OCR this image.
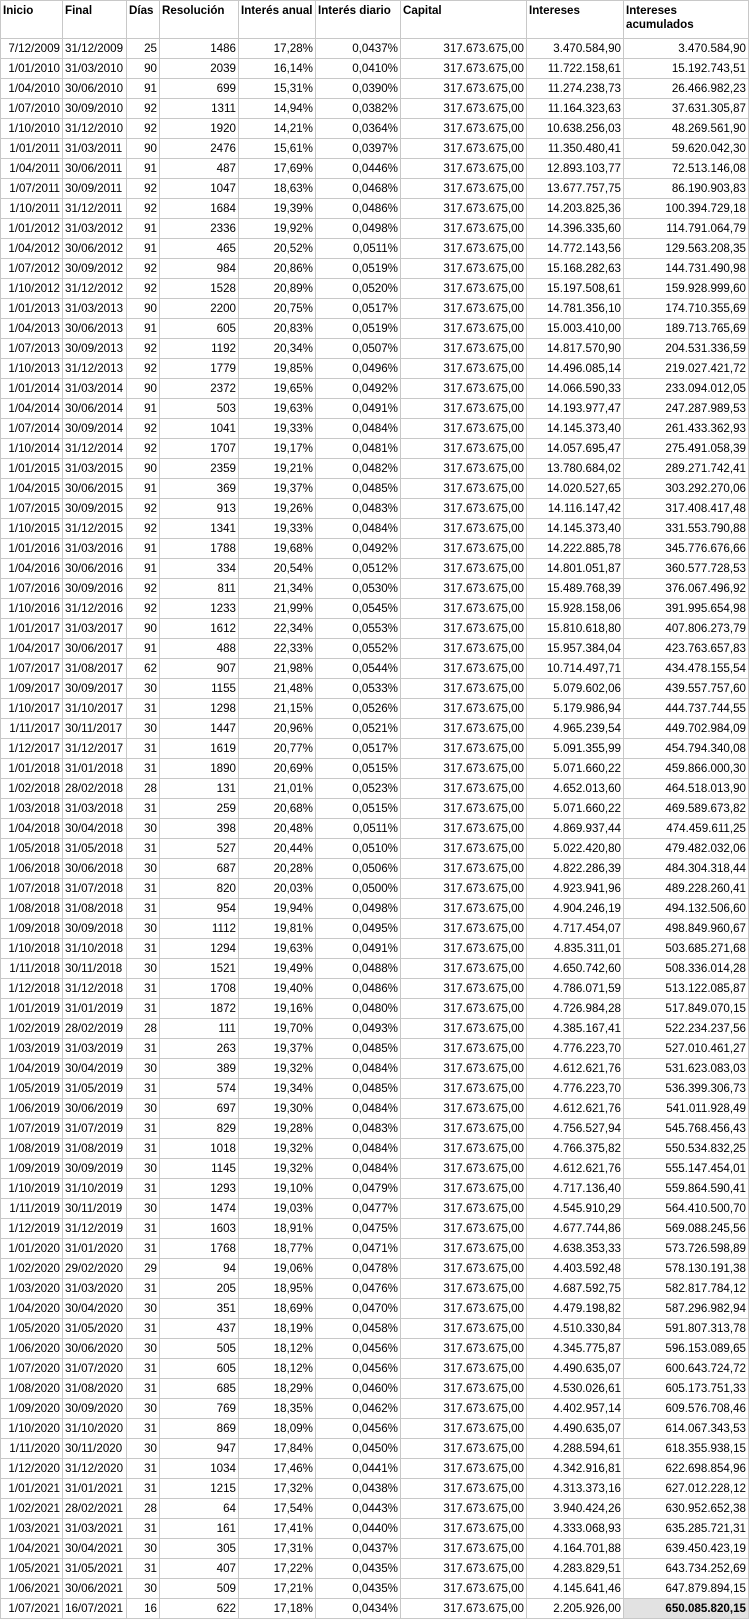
Inicio	Final	Días	Resolución	Interés anual	Interés diario	Capital	Intereses	Intereses acumulados
7/12/2009	31/12/2009	25	1486	17,28%	0,0437%	317.673.675,00	3.470.584,90	3.470.584,90
1/01/2010	31/03/2010	90	2039	16,14%	0,0410%	317.673.675,00	11.722.158,61	15.192.743,51
1/04/2010	30/06/2010	91	699	15,31%	0,0390%	317.673.675,00	11.274.238,73	26.466.982,23
1/07/2010	30/09/2010	92	1311	14,94%	0,0382%	317.673.675,00	11.164.323,63	37.631.305,87
1/10/2010	31/12/2010	92	1920	14,21%	0,0364%	317.673.675,00	10.638.256,03	48.269.561,90
1/01/2011	31/03/2011	90	2476	15,61%	0,0397%	317.673.675,00	11.350.480,41	59.620.042,30
1/04/2011	30/06/2011	91	487	17,69%	0,0446%	317.673.675,00	12.893.103,77	72.513.146,08
1/07/2011	30/09/2011	92	1047	18,63%	0,0468%	317.673.675,00	13.677.757,75	86.190.903,83
1/10/2011	31/12/2011	92	1684	19,39%	0,0486%	317.673.675,00	14.203.825,36	100.394.729,18
1/01/2012	31/03/2012	91	2336	19,92%	0,0498%	317.673.675,00	14.396.335,60	114.791.064,79
1/04/2012	30/06/2012	91	465	20,52%	0,0511%	317.673.675,00	14.772.143,56	129.563.208,35
1/07/2012	30/09/2012	92	984	20,86%	0,0519%	317.673.675,00	15.168.282,63	144.731.490,98
1/10/2012	31/12/2012	92	1528	20,89%	0,0520%	317.673.675,00	15.197.508,61	159.928.999,60
1/01/2013	31/03/2013	90	2200	20,75%	0,0517%	317.673.675,00	14.781.356,10	174.710.355,69
1/04/2013	30/06/2013	91	605	20,83%	0,0519%	317.673.675,00	15.003.410,00	189.713.765,69
1/07/2013	30/09/2013	92	1192	20,34%	0,0507%	317.673.675,00	14.817.570,90	204.531.336,59
1/10/2013	31/12/2013	92	1779	19,85%	0,0496%	317.673.675,00	14.496.085,14	219.027.421,72
1/01/2014	31/03/2014	90	2372	19,65%	0,0492%	317.673.675,00	14.066.590,33	233.094.012,05
1/04/2014	30/06/2014	91	503	19,63%	0,0491%	317.673.675,00	14.193.977,47	247.287.989,53
1/07/2014	30/09/2014	92	1041	19,33%	0,0484%	317.673.675,00	14.145.373,40	261.433.362,93
1/10/2014	31/12/2014	92	1707	19,17%	0,0481%	317.673.675,00	14.057.695,47	275.491.058,39
1/01/2015	31/03/2015	90	2359	19,21%	0,0482%	317.673.675,00	13.780.684,02	289.271.742,41
1/04/2015	30/06/2015	91	369	19,37%	0,0485%	317.673.675,00	14.020.527,65	303.292.270,06
1/07/2015	30/09/2015	92	913	19,26%	0,0483%	317.673.675,00	14.116.147,42	317.408.417,48
1/10/2015	31/12/2015	92	1341	19,33%	0,0484%	317.673.675,00	14.145.373,40	331.553.790,88
1/01/2016	31/03/2016	91	1788	19,68%	0,0492%	317.673.675,00	14.222.885,78	345.776.676,66
1/04/2016	30/06/2016	91	334	20,54%	0,0512%	317.673.675,00	14.801.051,87	360.577.728,53
1/07/2016	30/09/2016	92	811	21,34%	0,0530%	317.673.675,00	15.489.768,39	376.067.496,92
1/10/2016	31/12/2016	92	1233	21,99%	0,0545%	317.673.675,00	15.928.158,06	391.995.654,98
1/01/2017	31/03/2017	90	1612	22,34%	0,0553%	317.673.675,00	15.810.618,80	407.806.273,79
1/04/2017	30/06/2017	91	488	22,33%	0,0552%	317.673.675,00	15.957.384,04	423.763.657,83
1/07/2017	31/08/2017	62	907	21,98%	0,0544%	317.673.675,00	10.714.497,71	434.478.155,54
1/09/2017	30/09/2017	30	1155	21,48%	0,0533%	317.673.675,00	5.079.602,06	439.557.757,60
1/10/2017	31/10/2017	31	1298	21,15%	0,0526%	317.673.675,00	5.179.986,94	444.737.744,55
1/11/2017	30/11/2017	30	1447	20,96%	0,0521%	317.673.675,00	4.965.239,54	449.702.984,09
1/12/2017	31/12/2017	31	1619	20,77%	0,0517%	317.673.675,00	5.091.355,99	454.794.340,08
1/01/2018	31/01/2018	31	1890	20,69%	0,0515%	317.673.675,00	5.071.660,22	459.866.000,30
1/02/2018	28/02/2018	28	131	21,01%	0,0523%	317.673.675,00	4.652.013,60	464.518.013,90
1/03/2018	31/03/2018	31	259	20,68%	0,0515%	317.673.675,00	5.071.660,22	469.589.673,82
1/04/2018	30/04/2018	30	398	20,48%	0,0511%	317.673.675,00	4.869.937,44	474.459.611,25
1/05/2018	31/05/2018	31	527	20,44%	0,0510%	317.673.675,00	5.022.420,80	479.482.032,06
1/06/2018	30/06/2018	30	687	20,28%	0,0506%	317.673.675,00	4.822.286,39	484.304.318,44
1/07/2018	31/07/2018	31	820	20,03%	0,0500%	317.673.675,00	4.923.941,96	489.228.260,41
1/08/2018	31/08/2018	31	954	19,94%	0,0498%	317.673.675,00	4.904.246,19	494.132.506,60
1/09/2018	30/09/2018	30	1112	19,81%	0,0495%	317.673.675,00	4.717.454,07	498.849.960,67
1/10/2018	31/10/2018	31	1294	19,63%	0,0491%	317.673.675,00	4.835.311,01	503.685.271,68
1/11/2018	30/11/2018	30	1521	19,49%	0,0488%	317.673.675,00	4.650.742,60	508.336.014,28
1/12/2018	31/12/2018	31	1708	19,40%	0,0486%	317.673.675,00	4.786.071,59	513.122.085,87
1/01/2019	31/01/2019	31	1872	19,16%	0,0480%	317.673.675,00	4.726.984,28	517.849.070,15
1/02/2019	28/02/2019	28	111	19,70%	0,0493%	317.673.675,00	4.385.167,41	522.234.237,56
1/03/2019	31/03/2019	31	263	19,37%	0,0485%	317.673.675,00	4.776.223,70	527.010.461,27
1/04/2019	30/04/2019	30	389	19,32%	0,0484%	317.673.675,00	4.612.621,76	531.623.083,03
1/05/2019	31/05/2019	31	574	19,34%	0,0485%	317.673.675,00	4.776.223,70	536.399.306,73
1/06/2019	30/06/2019	30	697	19,30%	0,0484%	317.673.675,00	4.612.621,76	541.011.928,49
1/07/2019	31/07/2019	31	829	19,28%	0,0483%	317.673.675,00	4.756.527,94	545.768.456,43
1/08/2019	31/08/2019	31	1018	19,32%	0,0484%	317.673.675,00	4.766.375,82	550.534.832,25
1/09/2019	30/09/2019	30	1145	19,32%	0,0484%	317.673.675,00	4.612.621,76	555.147.454,01
1/10/2019	31/10/2019	31	1293	19,10%	0,0479%	317.673.675,00	4.717.136,40	559.864.590,41
1/11/2019	30/11/2019	30	1474	19,03%	0,0477%	317.673.675,00	4.545.910,29	564.410.500,70
1/12/2019	31/12/2019	31	1603	18,91%	0,0475%	317.673.675,00	4.677.744,86	569.088.245,56
1/01/2020	31/01/2020	31	1768	18,77%	0,0471%	317.673.675,00	4.638.353,33	573.726.598,89
1/02/2020	29/02/2020	29	94	19,06%	0,0478%	317.673.675,00	4.403.592,48	578.130.191,38
1/03/2020	31/03/2020	31	205	18,95%	0,0476%	317.673.675,00	4.687.592,75	582.817.784,12
1/04/2020	30/04/2020	30	351	18,69%	0,0470%	317.673.675,00	4.479.198,82	587.296.982,94
1/05/2020	31/05/2020	31	437	18,19%	0,0458%	317.673.675,00	4.510.330,84	591.807.313,78
1/06/2020	30/06/2020	30	505	18,12%	0,0456%	317.673.675,00	4.345.775,87	596.153.089,65
1/07/2020	31/07/2020	31	605	18,12%	0,0456%	317.673.675,00	4.490.635,07	600.643.724,72
1/08/2020	31/08/2020	31	685	18,29%	0,0460%	317.673.675,00	4.530.026,61	605.173.751,33
1/09/2020	30/09/2020	30	769	18,35%	0,0462%	317.673.675,00	4.402.957,14	609.576.708,46
1/10/2020	31/10/2020	31	869	18,09%	0,0456%	317.673.675,00	4.490.635,07	614.067.343,53
1/11/2020	30/11/2020	30	947	17,84%	0,0450%	317.673.675,00	4.288.594,61	618.355.938,15
1/12/2020	31/12/2020	31	1034	17,46%	0,0441%	317.673.675,00	4.342.916,81	622.698.854,96
1/01/2021	31/01/2021	31	1215	17,32%	0,0438%	317.673.675,00	4.313.373,16	627.012.228,12
1/02/2021	28/02/2021	28	64	17,54%	0,0443%	317.673.675,00	3.940.424,26	630.952.652,38
1/03/2021	31/03/2021	31	161	17,41%	0,0440%	317.673.675,00	4.333.068,93	635.285.721,31
1/04/2021	30/04/2021	30	305	17,31%	0,0437%	317.673.675,00	4.164.701,88	639.450.423,19
1/05/2021	31/05/2021	31	407	17,22%	0,0435%	317.673.675,00	4.283.829,51	643.734.252,69
1/06/2021	30/06/2021	30	509	17,21%	0,0435%	317.673.675,00	4.145.641,46	647.879.894,15
1/07/2021	16/07/2021	16	622	17,18%	0,0434%	317.673.675,00	2.205.926,00	650.085.820,15
